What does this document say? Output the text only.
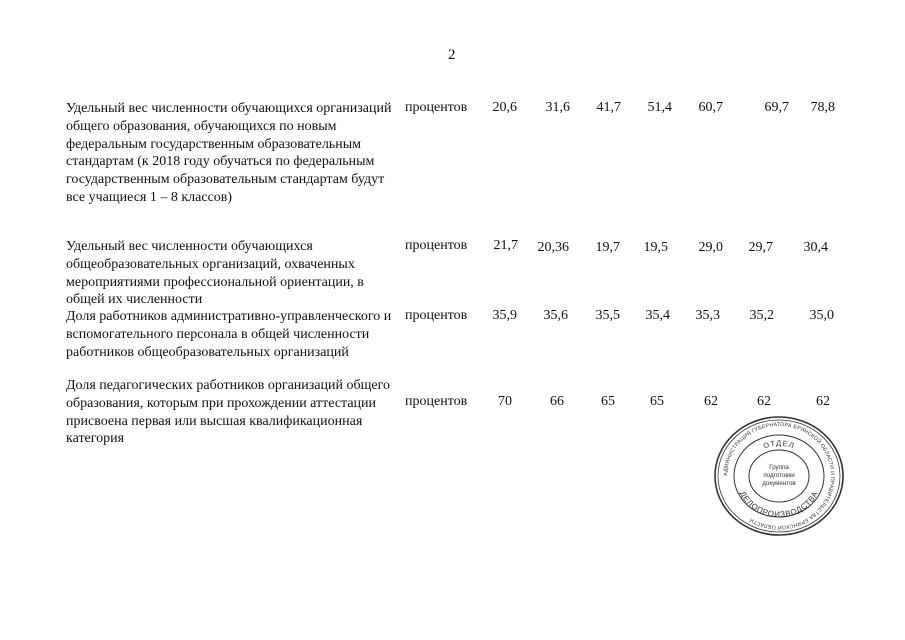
2
Удельный вес численности обучающихся организаций общего образования, обучающихся по новым федеральным государственным образовательным стандартам (к 2018 году обучаться по федеральным государственным образовательным стандартам будут все учащиеся 1 – 8 классов)
процентов	20,6	31,6	41,7	51,4	60,7	69,7	78,8
Удельный вес численности обучающихся общеобразовательных организаций, охваченных мероприятиями профессиональной ориентации, в общей их численности
процентов	21,7	20,36	19,7	19,5	29,0	29,7	30,4
Доля работников административно-управленческого и вспомогательного персонала в общей численности работников общеобразовательных организаций
процентов	35,9	35,6	35,5	35,4	35,3	35,2	35,0
Доля педагогических работников организаций общего образования, которым при прохождении аттестации присвоена первая или высшая квалификационная категория
процентов	70	66	65	65	62	62	62
АДМИНИСТРАЦИЯ ГУБЕРНАТОРА БРЯНСКОЙ ОБЛАСТИ И ПРАВИТЕЛЬСТВА БРЯНСКОЙ ОБЛАСТИ
ОТДЕЛ
ДЕЛОПРОИЗВОДСТВА
Группа
подготовки
документов
